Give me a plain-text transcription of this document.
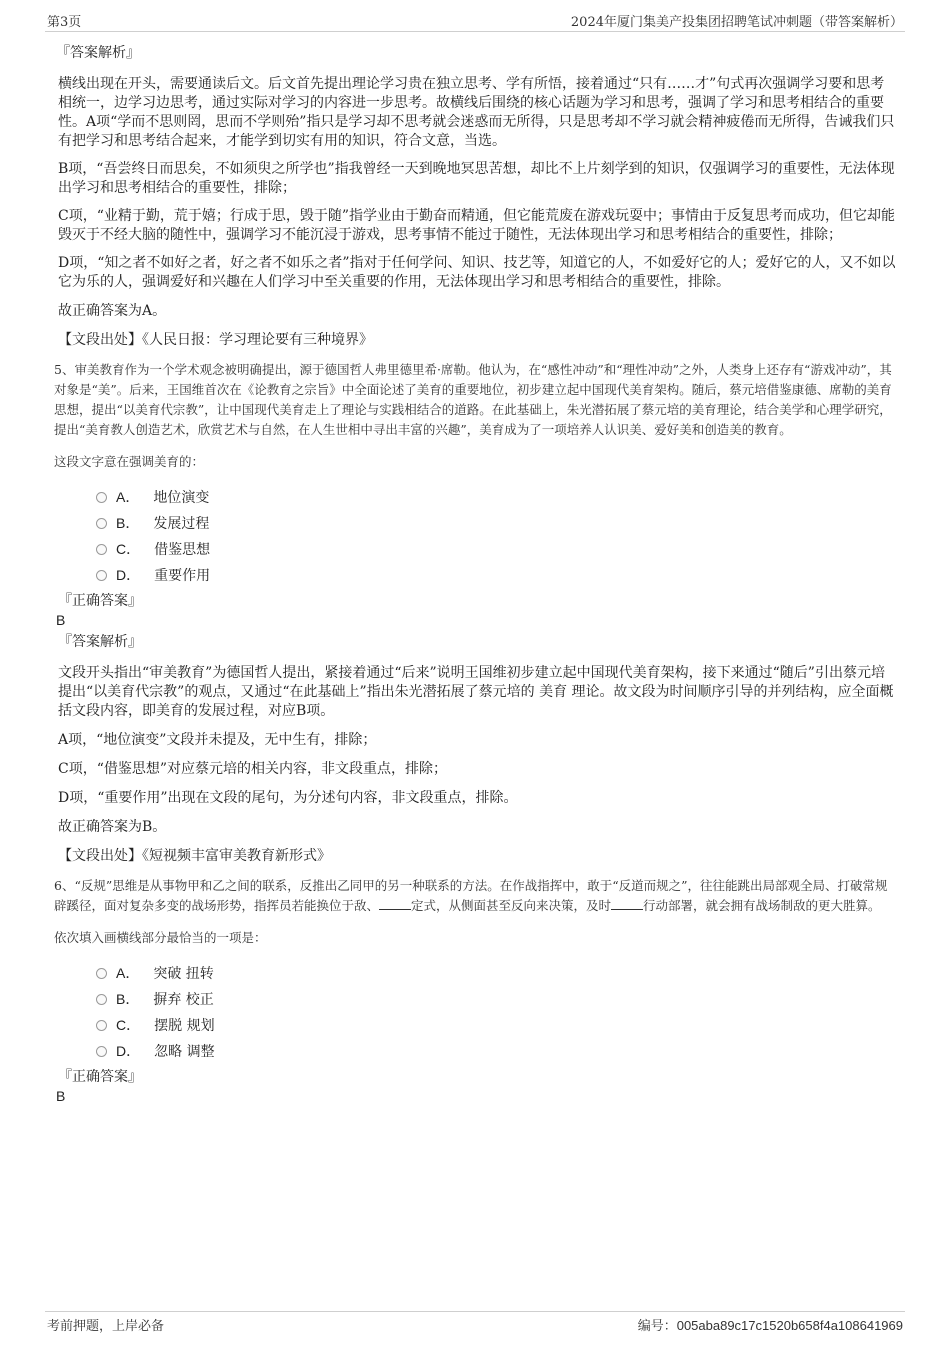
第3页	2024年厦门集美产投集团招聘笔试冲刺题（带答案解析）
『答案解析』

横线出现在开头，需要通读后文。后文首先提出理论学习贵在独立思考、学有所悟，接着通过“只有……才”句式再次强调学习要和思考相统一，边学习边思考，通过实际对学习的内容进一步思考。故横线后围绕的核心话题为学习和思考，强调了学习和思考相结合的重要性。A项“学而不思则罔，思而不学则殆”指只是学习却不思考就会迷惑而无所得，只是思考却不学习就会精神疲倦而无所得，告诫我们只有把学习和思考结合起来，才能学到切实有用的知识，符合文意，当选。

B项，“吾尝终日而思矣，不如须臾之所学也”指我曾经一天到晚地冥思苦想，却比不上片刻学到的知识，仅强调学习的重要性，无法体现出学习和思考相结合的重要性，排除；

C项，“业精于勤，荒于嬉；行成于思，毁于随”指学业由于勤奋而精通，但它能荒废在游戏玩耍中；事情由于反复思考而成功，但它却能毁灭于不经大脑的随性中，强调学习不能沉浸于游戏，思考事情不能过于随性，无法体现出学习和思考相结合的重要性，排除；

D项，“知之者不如好之者，好之者不如乐之者”指对于任何学问、知识、技艺等，知道它的人，不如爱好它的人；爱好它的人，又不如以它为乐的人，强调爱好和兴趣在人们学习中至关重要的作用，无法体现出学习和思考相结合的重要性，排除。

故正确答案为A。

【文段出处】《人民日报：学习理论要有三种境界》

5、审美教育作为一个学术观念被明确提出，源于德国哲人弗里德里希·席勒。他认为，在“感性冲动”和“理性冲动”之外，人类身上还存有“游戏冲动”，其对象是“美”。后来，王国维首次在《论教育之宗旨》中全面论述了美育的重要地位，初步建立起中国现代美育架构。随后，蔡元培借鉴康德、席勒的美育思想，提出“以美育代宗教”，让中国现代美育走上了理论与实践相结合的道路。在此基础上，朱光潜拓展了蔡元培的美育理论，结合美学和心理学研究，提出“美育教人创造艺术，欣赏艺术与自然，在人生世相中寻出丰富的兴趣”，美育成为了一项培养人认识美、爱好美和创造美的教育。

这段文字意在强调美育的：

A． 地位演变
B． 发展过程
C． 借鉴思想
D． 重要作用
『正确答案』
B
『答案解析』

文段开头指出“审美教育”为德国哲人提出，紧接着通过“后来”说明王国维初步建立起中国现代美育架构，接下来通过“随后”引出蔡元培提出“以美育代宗教”的观点，又通过“在此基础上”指出朱光潜拓展了蔡元培的 美育 理论。故文段为时间顺序引导的并列结构，应全面概括文段内容，即美育的发展过程，对应B项。

A项，“地位演变”文段并未提及，无中生有，排除；

C项，“借鉴思想”对应蔡元培的相关内容，非文段重点，排除；

D项，“重要作用”出现在文段的尾句，为分述句内容，非文段重点，排除。

故正确答案为B。

【文段出处】《短视频丰富审美教育新形式》

6、“反规”思维是从事物甲和乙之间的联系，反推出乙同甲的另一种联系的方法。在作战指挥中，敢于“反道而规之”，往往能跳出局部观全局、打破常规辟蹊径，面对复杂多变的战场形势，指挥员若能换位于敌、	定式，从侧面甚至反向来决策，及时	行动部署，就会拥有战场制敌的更大胜算。

依次填入画横线部分最恰当的一项是：

A． 突破 扭转
B． 摒弃 校正
C． 摆脱 规划
D． 忽略 调整
『正确答案』
B
考前押题，上岸必备	编号：005aba89c17c1520b658f4a108641969
